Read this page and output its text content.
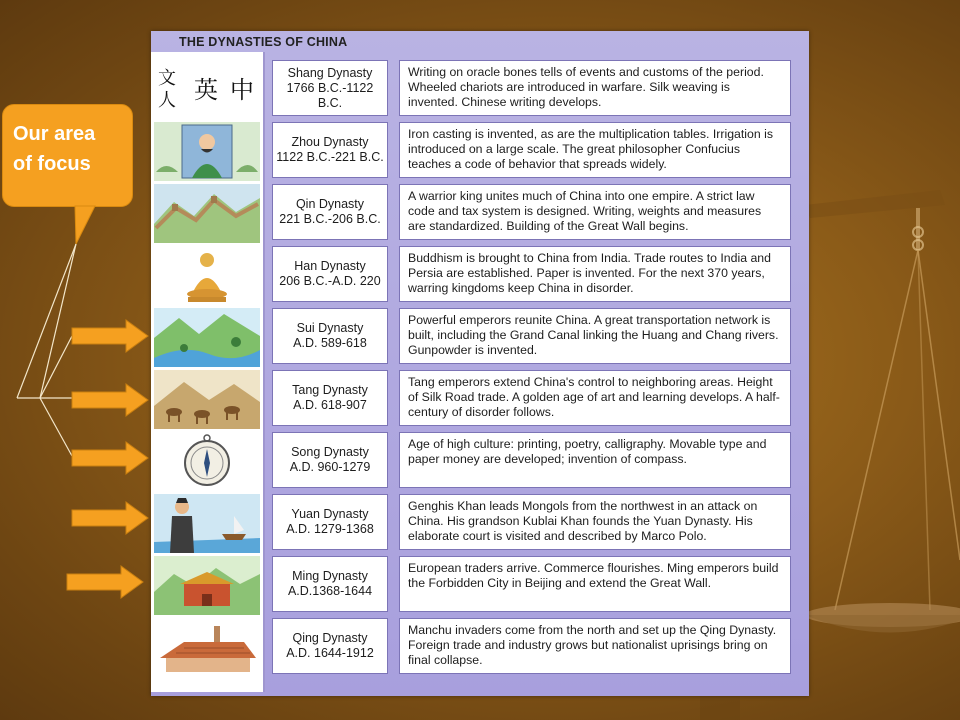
Our area
of focus
THE DYNASTIES OF CHINA
文
人 英 中
Shang Dynasty
1766 B.C.-1122 B.C.
Zhou Dynasty
1122 B.C.-221 B.C.
Qin Dynasty
221 B.C.-206 B.C.
Han Dynasty
206 B.C.-A.D. 220
Sui Dynasty
A.D. 589-618
Tang Dynasty
A.D. 618-907
Song Dynasty
A.D. 960-1279
Yuan Dynasty
A.D. 1279-1368
Ming Dynasty
A.D.1368-1644
Qing Dynasty
A.D. 1644-1912
Writing on oracle bones tells of events and customs of the period. Wheeled chariots are introduced in warfare. Silk weaving is invented. Chinese writing develops.
Iron casting is invented, as are the multiplication tables. Irrigation is introduced on a large scale. The great philosopher Confucius teaches a code of behavior that spreads widely.
A warrior king unites much of China into one empire. A strict law code and tax system is designed. Writing, weights and measures are standardized. Building of the Great Wall begins.
Buddhism is brought to China from India. Trade routes to India and Persia are established. Paper is invented. For the next 370 years, warring kingdoms keep China in disorder.
Powerful emperors reunite China. A great transportation network is built, including the Grand Canal linking the Huang and Chang rivers. Gunpowder is invented.
Tang emperors extend China's control to neighboring areas. Height of Silk Road trade. A golden age of art and learning develops. A half-century of disorder follows.
Age of high culture: printing, poetry, calligraphy. Movable type and paper money are developed; invention of compass.
Genghis Khan leads Mongols from the northwest in an attack on China. His grandson Kublai Khan founds the Yuan Dynasty. His elaborate court is visited and described by Marco Polo.
European traders arrive. Commerce flourishes. Ming emperors build the Forbidden City in Beijing and extend the Great Wall.
Manchu invaders come from the north and set up the Qing Dynasty. Foreign trade and industry grows but nationalist uprisings bring on final collapse.
